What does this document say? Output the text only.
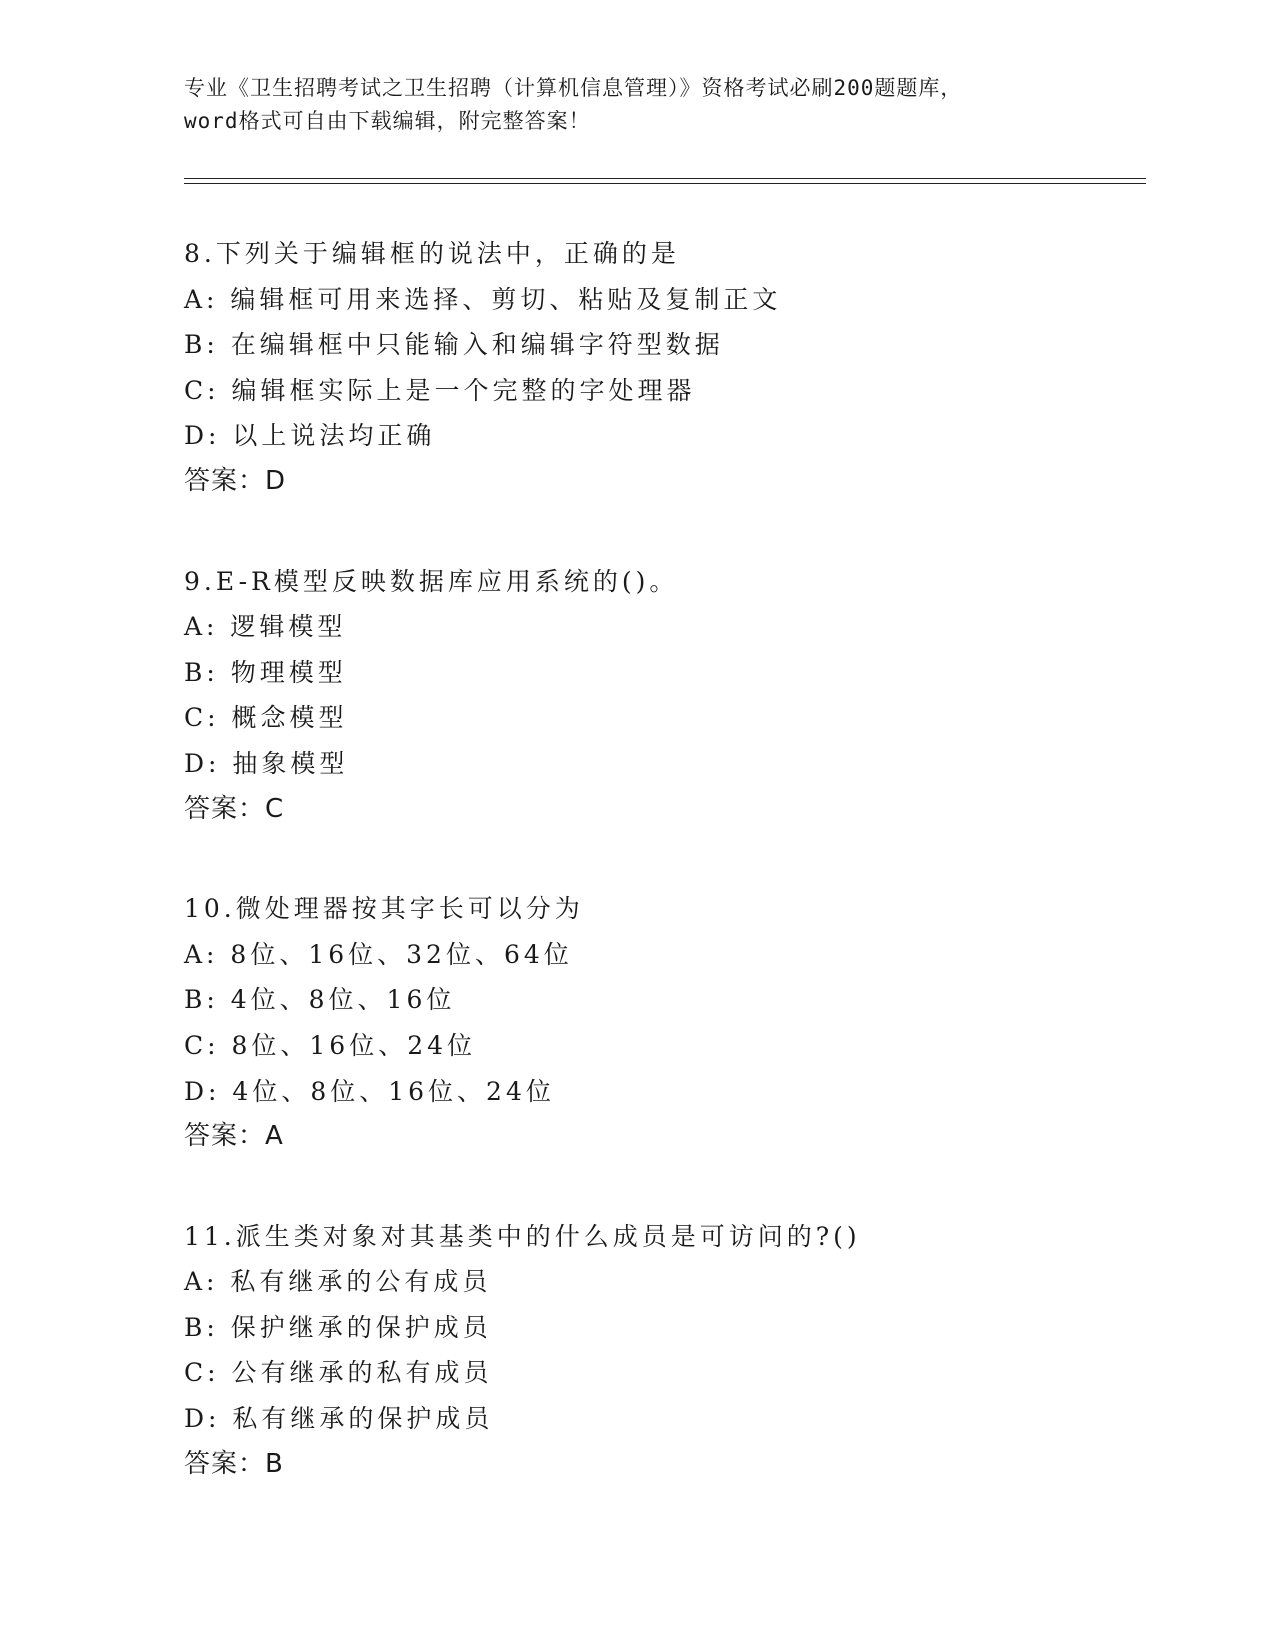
专业《卫生招聘考试之卫生招聘（计算机信息管理）》资格考试必刷200题题库，
word格式可自由下载编辑，附完整答案！
8.下列关于编辑框的说法中，正确的是
A: 编辑框可用来选择、剪切、粘贴及复制正文
B: 在编辑框中只能输入和编辑字符型数据
C: 编辑框实际上是一个完整的字处理器
D: 以上说法均正确
答案：D
9.E-R模型反映数据库应用系统的()。
A: 逻辑模型
B: 物理模型
C: 概念模型
D: 抽象模型
答案：C
10.微处理器按其字长可以分为
A: 8位、16位、32位、64位
B: 4位、8位、16位
C: 8位、16位、24位
D: 4位、8位、16位、24位
答案：A
11.派生类对象对其基类中的什么成员是可访问的?()
A: 私有继承的公有成员
B: 保护继承的保护成员
C: 公有继承的私有成员
D: 私有继承的保护成员
答案：B
